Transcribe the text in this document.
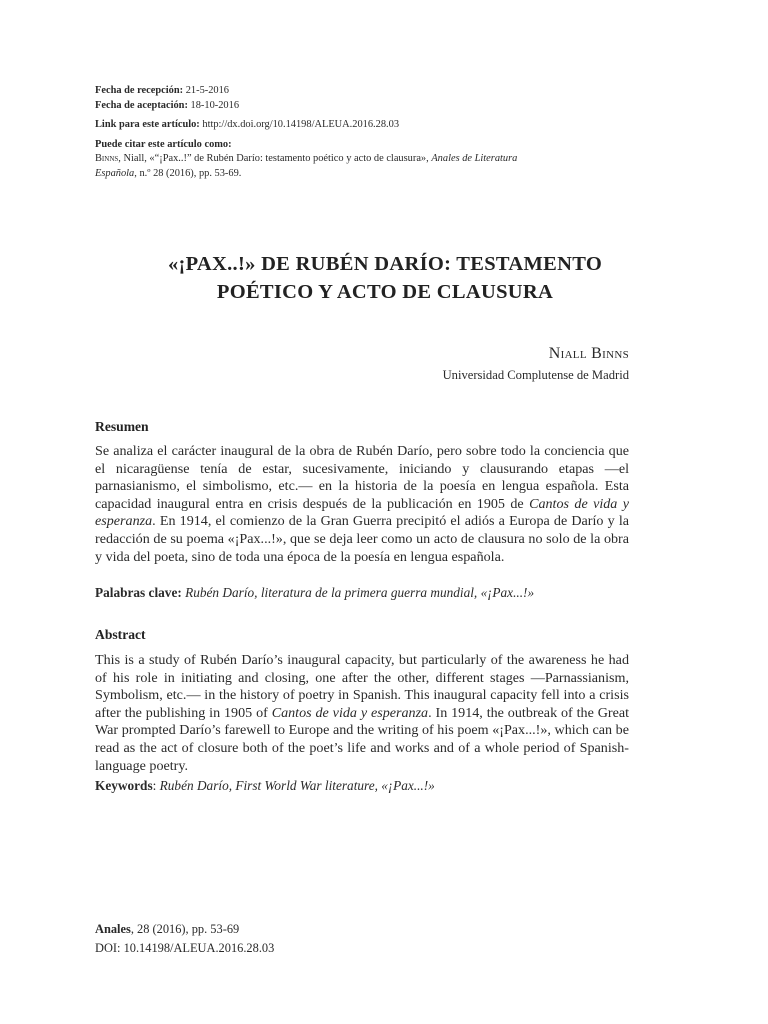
Fecha de recepción: 21-5-2016
Fecha de aceptación: 18-10-2016
Link para este artículo: http://dx.doi.org/10.14198/ALEUA.2016.28.03
Puede citar este artículo como:
Binns, Niall, «“¡Pax..!” de Rubén Darío: testamento poético y acto de clausura», Anales de Literatura
Española, n.º 28 (2016), pp. 53-69.
«¡PAX..!» DE RUBÉN DARÍO: TESTAMENTO
POÉTICO Y ACTO DE CLAUSURA
Niall Binns
Universidad Complutense de Madrid
Resumen
Se analiza el carácter inaugural de la obra de Rubén Darío, pero sobre todo la conciencia que el nicaragüense tenía de estar, sucesivamente, iniciando y clausurando etapas —el parnasianismo, el simbolismo, etc.— en la historia de la poesía en lengua española. Esta capacidad inaugural entra en crisis después de la publicación en 1905 de Cantos de vida y esperanza. En 1914, el comienzo de la Gran Guerra precipitó el adiós a Europa de Darío y la redacción de su poema «¡Pax...!», que se deja leer como un acto de clausura no solo de la obra y vida del poeta, sino de toda una época de la poesía en lengua española.
Palabras clave: Rubén Darío, literatura de la primera guerra mundial, «¡Pax...!»
Abstract
This is a study of Rubén Darío’s inaugural capacity, but particularly of the awareness he had of his role in initiating and closing, one after the other, different stages —Parnassianism, Symbolism, etc.— in the history of poetry in Spanish. This inaugural capacity fell into a crisis after the publishing in 1905 of Cantos de vida y esperanza. In 1914, the outbreak of the Great War prompted Darío’s farewell to Europe and the writing of his poem «¡Pax...!», which can be read as the act of closure both of the poet’s life and works and of a whole period of Spanish-language poetry.
Keywords: Rubén Darío, First World War literature, «¡Pax...!»
Anales, 28 (2016), pp. 53-69
DOI: 10.14198/ALEUA.2016.28.03
